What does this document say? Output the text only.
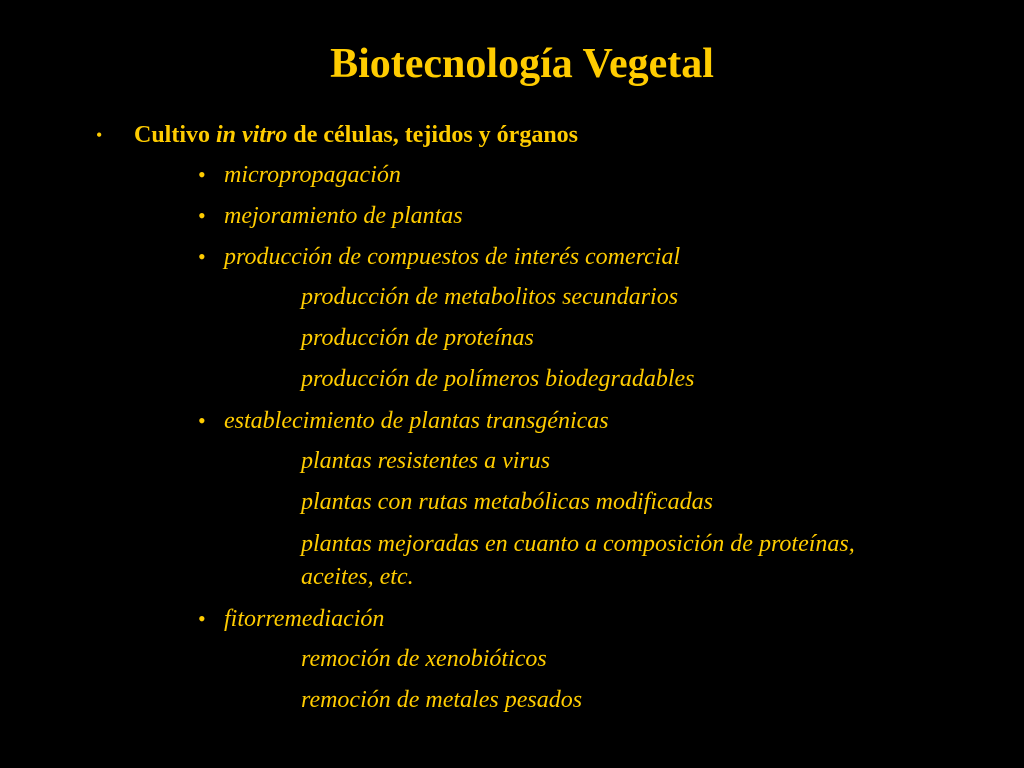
Biotecnología Vegetal
• Cultivo in vitro de células, tejidos y órganos
• micropropagación
• mejoramiento de plantas
• producción de compuestos de interés comercial
producción de metabolitos secundarios
producción de proteínas
producción de polímeros biodegradables
• establecimiento de plantas transgénicas
plantas resistentes a virus
plantas con rutas metabólicas modificadas
plantas mejoradas en cuanto a composición de proteínas, aceites, etc.
• fitorremediación
remoción de xenobióticos
remoción de metales pesados
